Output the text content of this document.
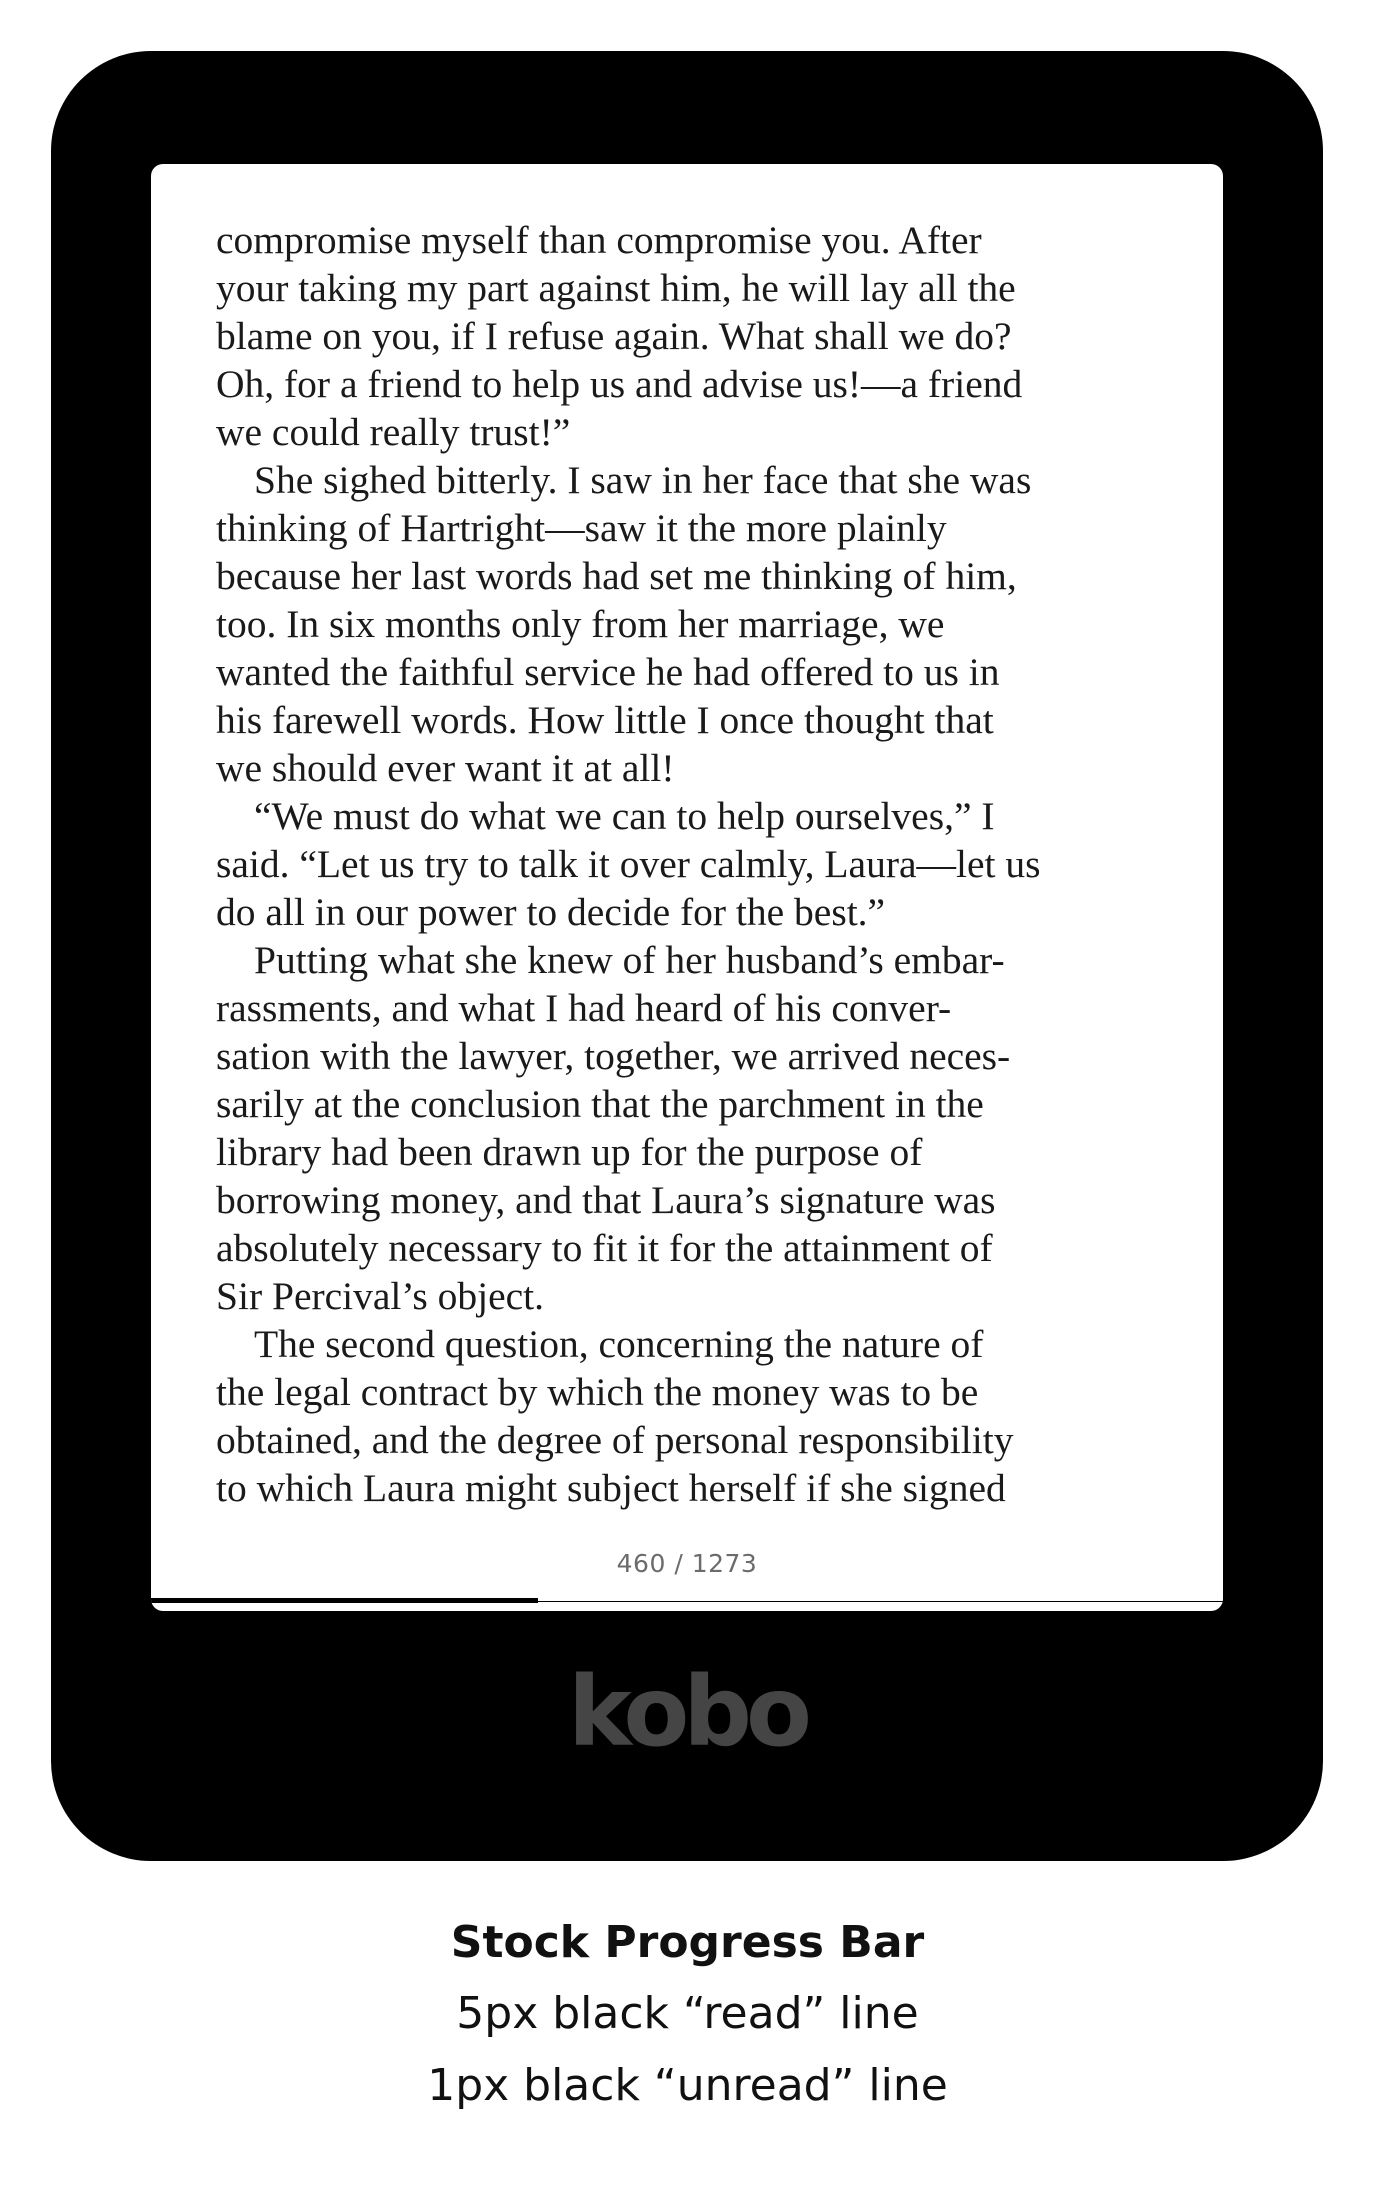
compromise myself than compromise you. After
your taking my part against him, he will lay all the
blame on you, if I refuse again. What shall we do?
Oh, for a friend to help us and advise us!—a friend
we could really trust!”
She sighed bitterly. I saw in her face that she was
thinking of Hartright—saw it the more plainly
because her last words had set me thinking of him,
too. In six months only from her marriage, we
wanted the faithful service he had offered to us in
his farewell words. How little I once thought that
we should ever want it at all!
“We must do what we can to help ourselves,” I
said. “Let us try to talk it over calmly, Laura—let us
do all in our power to decide for the best.”
Putting what she knew of her husband’s embar-
rassments, and what I had heard of his conver-
sation with the lawyer, together, we arrived neces-
sarily at the conclusion that the parchment in the
library had been drawn up for the purpose of
borrowing money, and that Laura’s signature was
absolutely necessary to fit it for the attainment of
Sir Percival’s object.
The second question, concerning the nature of
the legal contract by which the money was to be
obtained, and the degree of personal responsibility
to which Laura might subject herself if she signed
460 / 1273
kobo
Stock Progress Bar
5px black “read” line
1px black “unread” line
